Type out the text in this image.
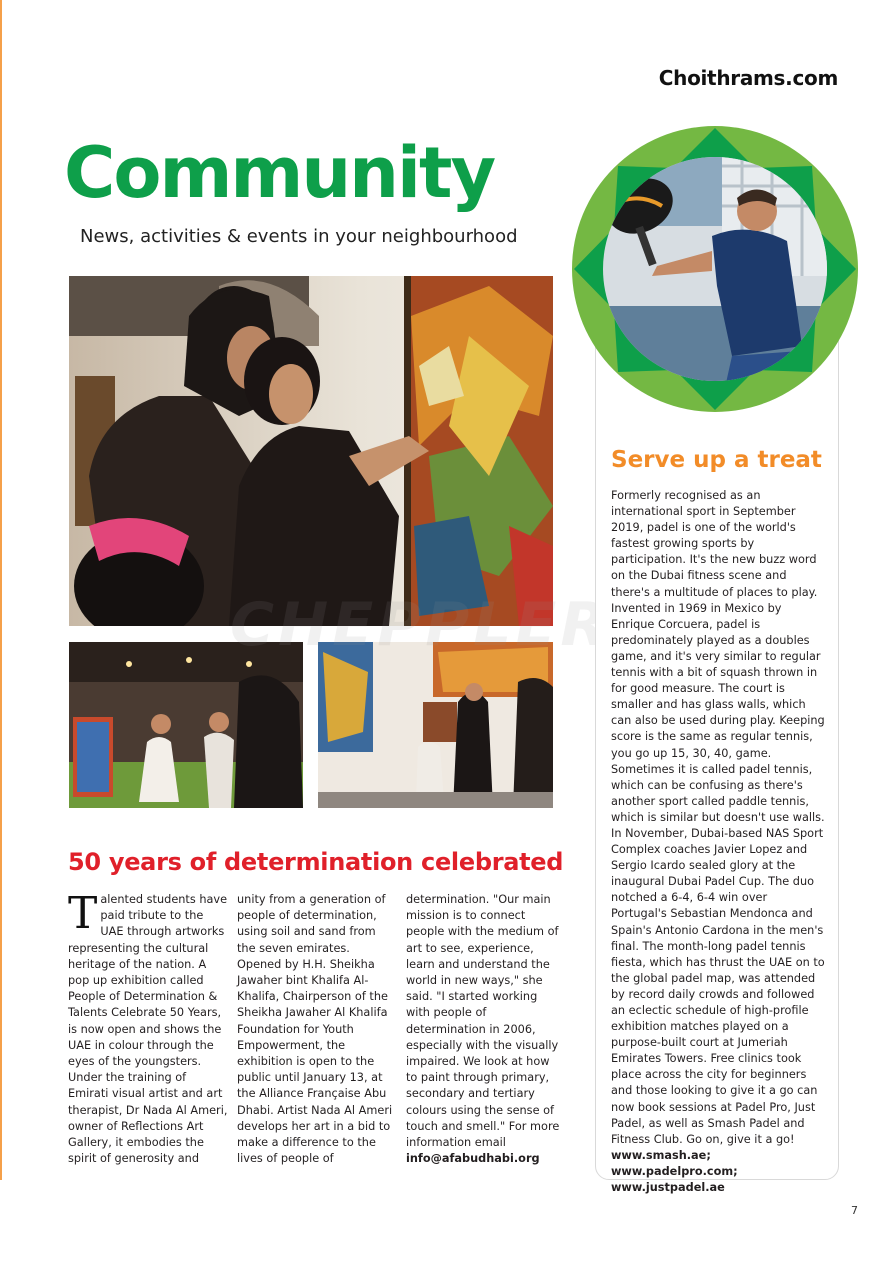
Choithrams.com
Community
News, activities & events in your neighbourhood
Serve up a treat

Formerly recognised as an international sport in September 2019, padel is one of the world's fastest growing sports by participation. It's the new buzz word on the Dubai fitness scene and there's a multitude of places to play. Invented in 1969 in Mexico by Enrique Corcuera, padel is predominately played as a doubles game, and it's very similar to regular tennis with a bit of squash thrown in for good measure. The court is smaller and has glass walls, which can also be used during play. Keeping score is the same as regular tennis, you go up 15, 30, 40, game. Sometimes it is called padel tennis, which can be confusing as there's another sport called paddle tennis, which is similar but doesn't use walls. In November, Dubai-based NAS Sport Complex coaches Javier Lopez and Sergio Icardo sealed glory at the inaugural Dubai Padel Cup. The duo notched a 6-4, 6-4 win over Portugal's Sebastian Mendonca and Spain's Antonio Cardona in the men's final. The month-long padel tennis fiesta, which has thrust the UAE on to the global padel map, was attended by record daily crowds and followed an eclectic schedule of high-profile exhibition matches played on a purpose-built court at Jumeriah Emirates Towers. Free clinics took place across the city for beginners and those looking to give it a go can now book sessions at Padel Pro, Just Padel, as well as Smash Padel and Fitness Club. Go on, give it a go!

www.smash.ae; www.padelpro.com; www.justpadel.ae

50 years of determination celebrated
T alented students have paid tribute to the UAE through artworks representing the cultural heritage of the nation. A pop up exhibition called People of Determination & Talents Celebrate 50 Years, is now open and shows the UAE in colour through the eyes of the youngsters. Under the training of Emirati visual artist and art therapist, Dr Nada Al Ameri, owner of Reflections Art Gallery, it embodies the spirit of generosity and

unity from a generation of people of determination, using soil and sand from the seven emirates. Opened by H.H. Sheikha Jawaher bint Khalifa Al-Khalifa, Chairperson of the Sheikha Jawaher Al Khalifa Foundation for Youth Empowerment, the exhibition is open to the public until January 13, at the Alliance Française Abu Dhabi. Artist Nada Al Ameri develops her art in a bid to make a difference to the lives of people of

determination. "Our main mission is to connect people with the medium of art to see, experience, learn and understand the world in new ways," she said. "I started working with people of determination in 2006, especially with the visually impaired. We look at how to paint through primary, secondary and tertiary colours using the sense of touch and smell." For more information email

info@afabudhabi.org

7
